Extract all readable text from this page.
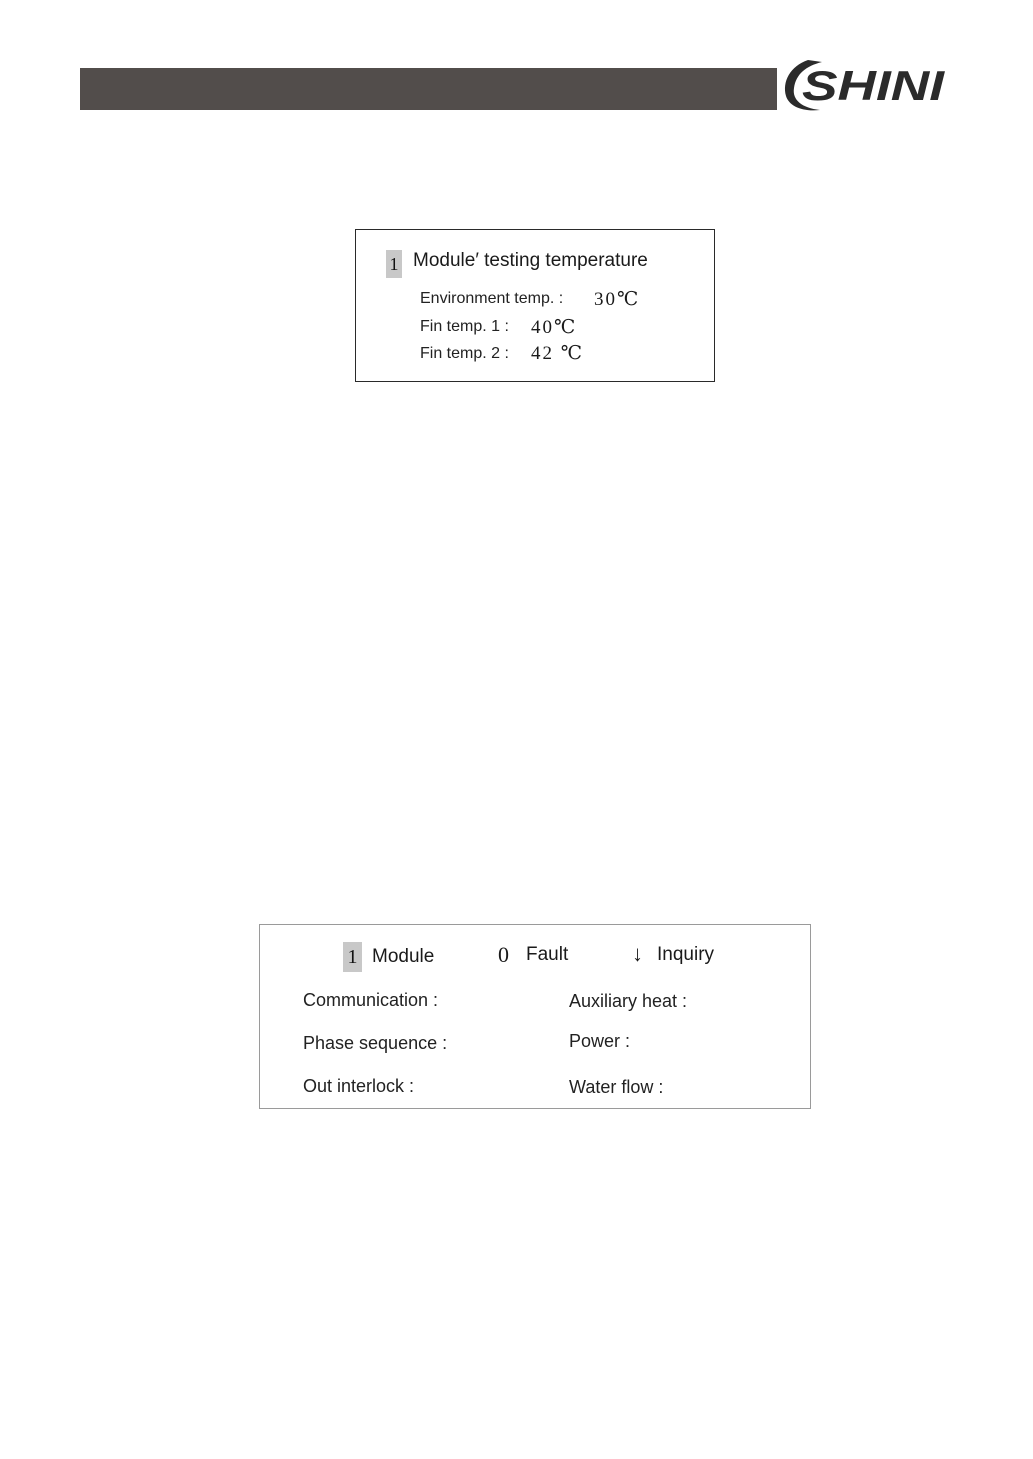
SHINI
1 Module′ testing temperature
Environment temp. : 30℃
Fin temp. 1 : 40℃
Fin temp. 2 : 42 ℃
1 Module	0 Fault	↓ Inquiry
Communication :
Phase sequence :
Out interlock :
Auxiliary heat :
Power :
Water flow :
